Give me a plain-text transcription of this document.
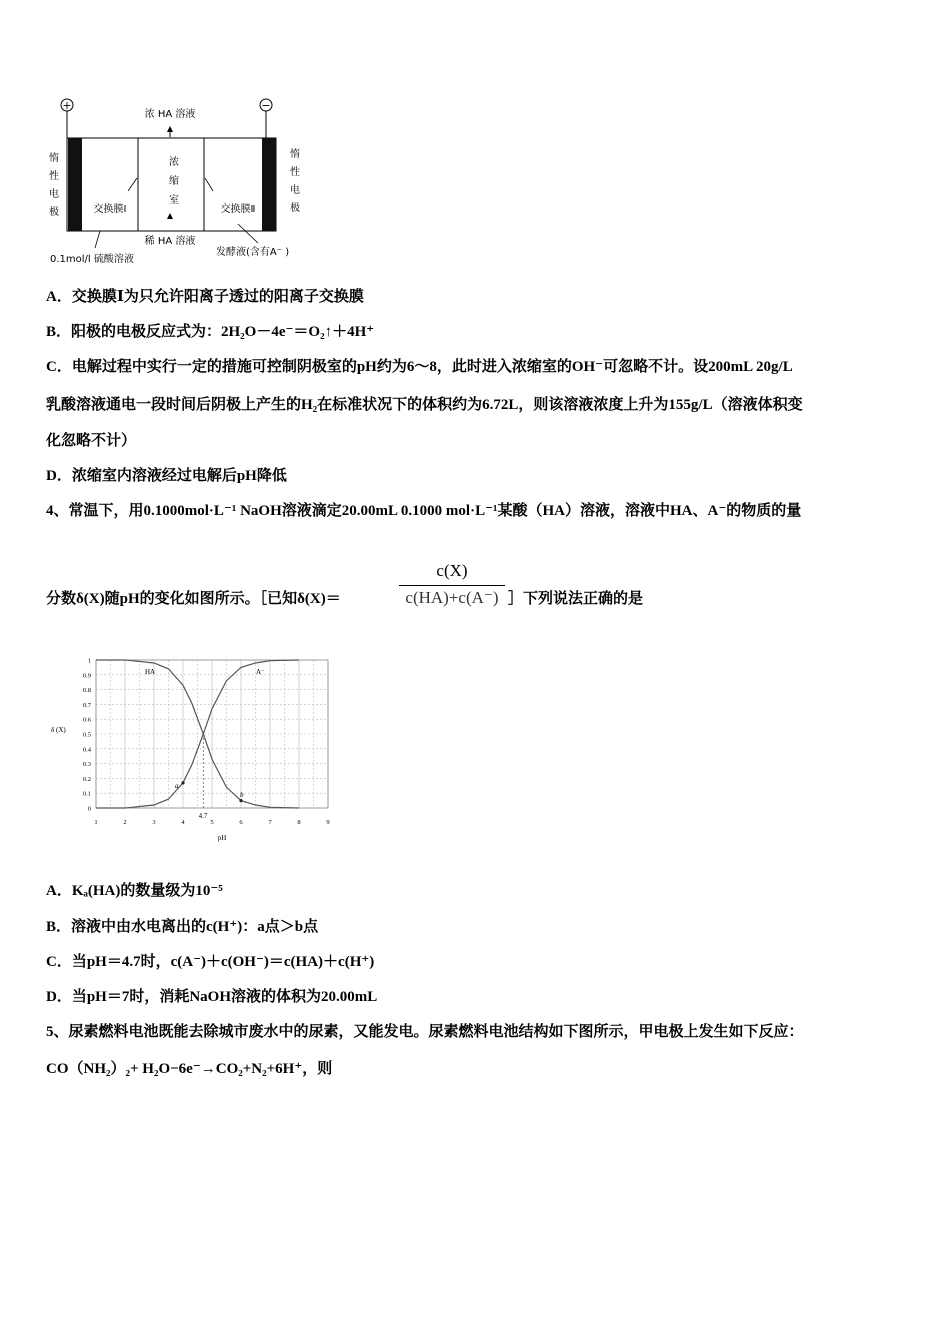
+	−
浓 HA 溶液
稀 HA 溶液
惰
性
电
极
惰
性
电
极
浓
缩
室
交换膜Ⅰ	交换膜Ⅱ
0.1mol/l 硫酸溶液
发酵液(含有A⁻ )
A．交换膜Ⅰ为只允许阳离子透过的阳离子交换膜
B．阳极的电极反应式为：2H₂O－4e⁻＝O₂↑＋4H⁺
C．电解过程中实行一定的措施可控制阴极室的pH约为6～8，此时进入浓缩室的OH⁻可忽略不计。设200mL 20g/L
乳酸溶液通电一段时间后阴极上产生的H₂在标准状况下的体积约为6.72L，则该溶液浓度上升为155g/L（溶液体积变
化忽略不计）
D．浓缩室内溶液经过电解后pH降低
4、常温下，用0.1000mol·L⁻¹ NaOH溶液滴定20.00mL 0.1000 mol·L⁻¹某酸（HA）溶液，溶液中HA、A⁻的物质的量
分数δ(X)随pH的变化如图所示。［已知δ(X)＝
c(X)
c(HA)+c(A⁻) ］下列说法正确的是
0
0.1
0.2
0.3
0.4
0.5
0.6
0.7
0.8
0.9
1
1	2	3	4	5	6	7	8	9
δ (X)
pH
4.7
HA	A⁻
a
b
A．Kₐ(HA)的数量级为10⁻⁵
B．溶液中由水电离出的c(H⁺)：a点＞b点
C．当pH＝4.7时，c(A⁻)＋c(OH⁻)＝c(HA)＋c(H⁺)
D．当pH＝7时，消耗NaOH溶液的体积为20.00mL
5、尿素燃料电池既能去除城市废水中的尿素，又能发电。尿素燃料电池结构如下图所示，甲电极上发生如下反应：
CO（NH₂）₂+ H₂O−6e⁻→CO₂+N₂+6H⁺，则
